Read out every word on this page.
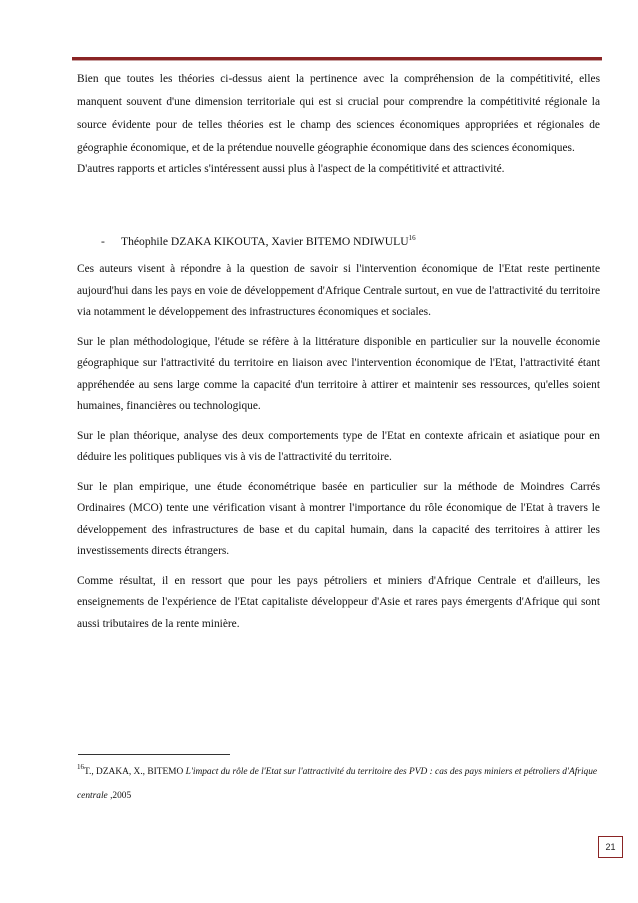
Bien que toutes les théories ci-dessus aient la pertinence avec la compréhension de la compétitivité, elles manquent souvent d'une dimension territoriale qui est si crucial pour comprendre la compétitivité régionale la source évidente pour de telles théories est le champ des sciences économiques appropriées et régionales de géographie économique, et de la prétendue nouvelle géographie économique dans des sciences économiques.

D'autres rapports et articles s'intéressent aussi plus à l'aspect de la compétitivité et attractivité.

- Théophile DZAKA KIKOUTA, Xavier BITEMO NDIWULU$^{16}$

Ces auteurs visent à répondre à la question de savoir si l'intervention économique de l'Etat reste pertinente aujourd'hui dans les pays en voie de développement d'Afrique Centrale surtout, en vue de l'attractivité du territoire via notamment le développement des infrastructures économiques et sociales.

Sur le plan méthodologique, l'étude se réfère à la littérature disponible en particulier sur la nouvelle économie géographique sur l'attractivité du territoire en liaison avec l'intervention économique de l'Etat, l'attractivité étant appréhendée au sens large comme la capacité d'un territoire à attirer et maintenir ses ressources, qu'elles soient humaines, financières ou technologique.

Sur le plan théorique, analyse des deux comportements type de l'Etat en contexte africain et asiatique pour en déduire les politiques publiques vis à vis de l'attractivité du territoire.

Sur le plan empirique, une étude économétrique basée en particulier sur la méthode de Moindres Carrés Ordinaires (MCO) tente une vérification visant à montrer l'importance du rôle économique de l'Etat à travers le développement des infrastructures de base et du capital humain, dans la capacité des territoires à attirer les investissements directs étrangers.

Comme résultat, il en ressort que pour les pays pétroliers et miniers d'Afrique Centrale et d'ailleurs, les enseignements de l'expérience de l'Etat capitaliste développeur d'Asie et rares pays émergents d'Afrique qui sont aussi tributaires de la rente minière.

$^{16}$T., DZAKA, X., BITEMO L'impact du rôle de l'Etat sur l'attractivité du territoire des PVD : cas des pays miniers et pétroliers d'Afrique centrale ,2005
21
